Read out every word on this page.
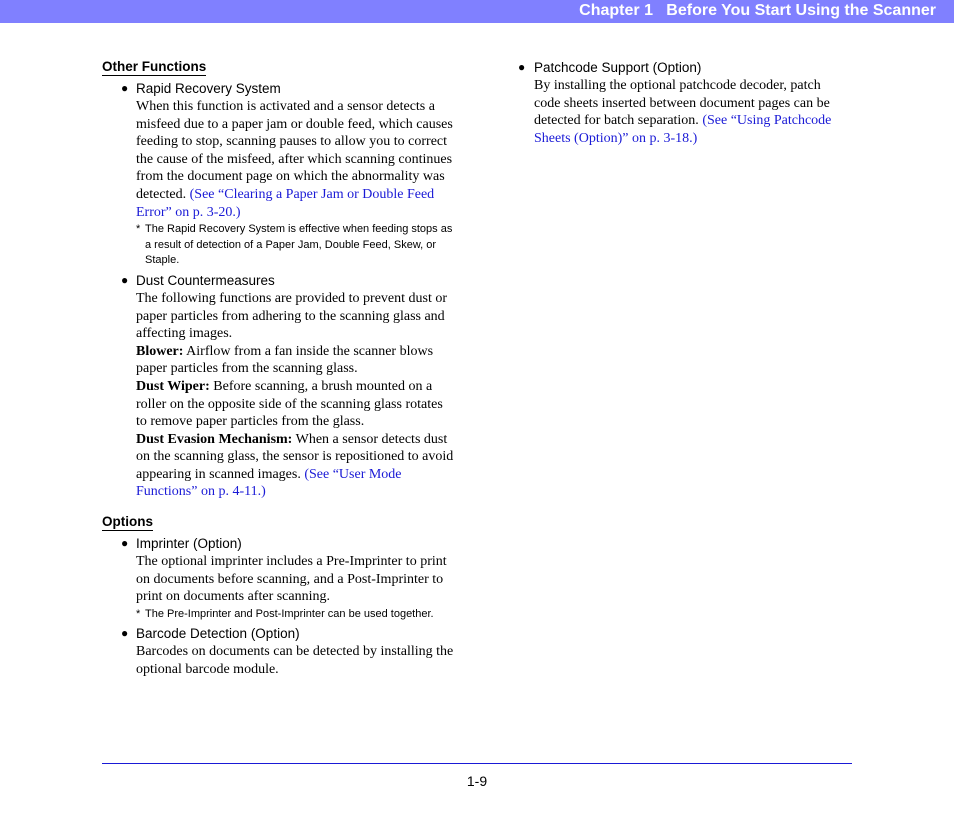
Chapter 1   Before You Start Using the Scanner
Other Functions
● Rapid Recovery System
When this function is activated and a sensor detects a misfeed due to a paper jam or double feed, which causes feeding to stop, scanning pauses to allow you to correct the cause of the misfeed, after which scanning continues from the document page on which the abnormality was detected. (See “Clearing a Paper Jam or Double Feed Error” on p. 3-20.)
* The Rapid Recovery System is effective when feeding stops as a result of detection of a Paper Jam, Double Feed, Skew, or Staple.
● Dust Countermeasures
The following functions are provided to prevent dust or paper particles from adhering to the scanning glass and affecting images.
Blower: Airflow from a fan inside the scanner blows paper particles from the scanning glass.
Dust Wiper: Before scanning, a brush mounted on a roller on the opposite side of the scanning glass rotates to remove paper particles from the glass.
Dust Evasion Mechanism: When a sensor detects dust on the scanning glass, the sensor is repositioned to avoid appearing in scanned images. (See “User Mode Functions” on p. 4-11.)
Options
● Imprinter (Option)
The optional imprinter includes a Pre-Imprinter to print on documents before scanning, and a Post-Imprinter to print on documents after scanning.
* The Pre-Imprinter and Post-Imprinter can be used together.
● Barcode Detection (Option)
Barcodes on documents can be detected by installing the optional barcode module.
● Patchcode Support (Option)
By installing the optional patchcode decoder, patch code sheets inserted between document pages can be detected for batch separation. (See “Using Patchcode Sheets (Option)” on p. 3-18.)
1-9
